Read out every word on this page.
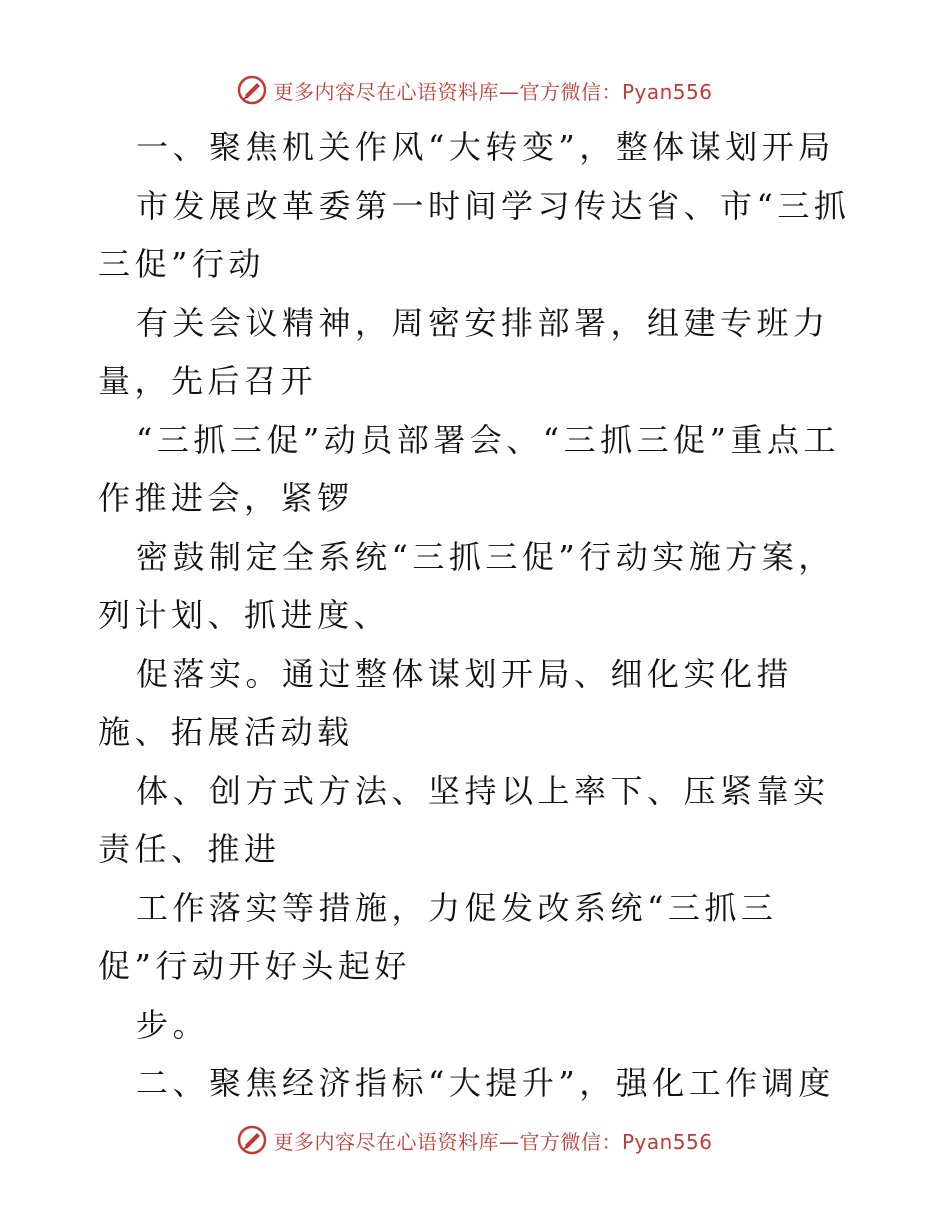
更多内容尽在心语资料库—官方微信：Pyan556

一、聚焦机关作风“大转变”，整体谋划开局

市发展改革委第一时间学习传达省、市“三抓三促”行动

有关会议精神，周密安排部署，组建专班力量，先后召开

“三抓三促”动员部署会、“三抓三促”重点工作推进会，紧锣

密鼓制定全系统“三抓三促”行动实施方案，列计划、抓进度、

促落实。通过整体谋划开局、细化实化措施、拓展活动载

体、创方式方法、坚持以上率下、压紧靠实责任、推进

工作落实等措施，力促发改系统“三抓三促”行动开好头起好

步。

二、聚焦经济指标“大提升”，强化工作调度

更多内容尽在心语资料库—官方微信：Pyan556
